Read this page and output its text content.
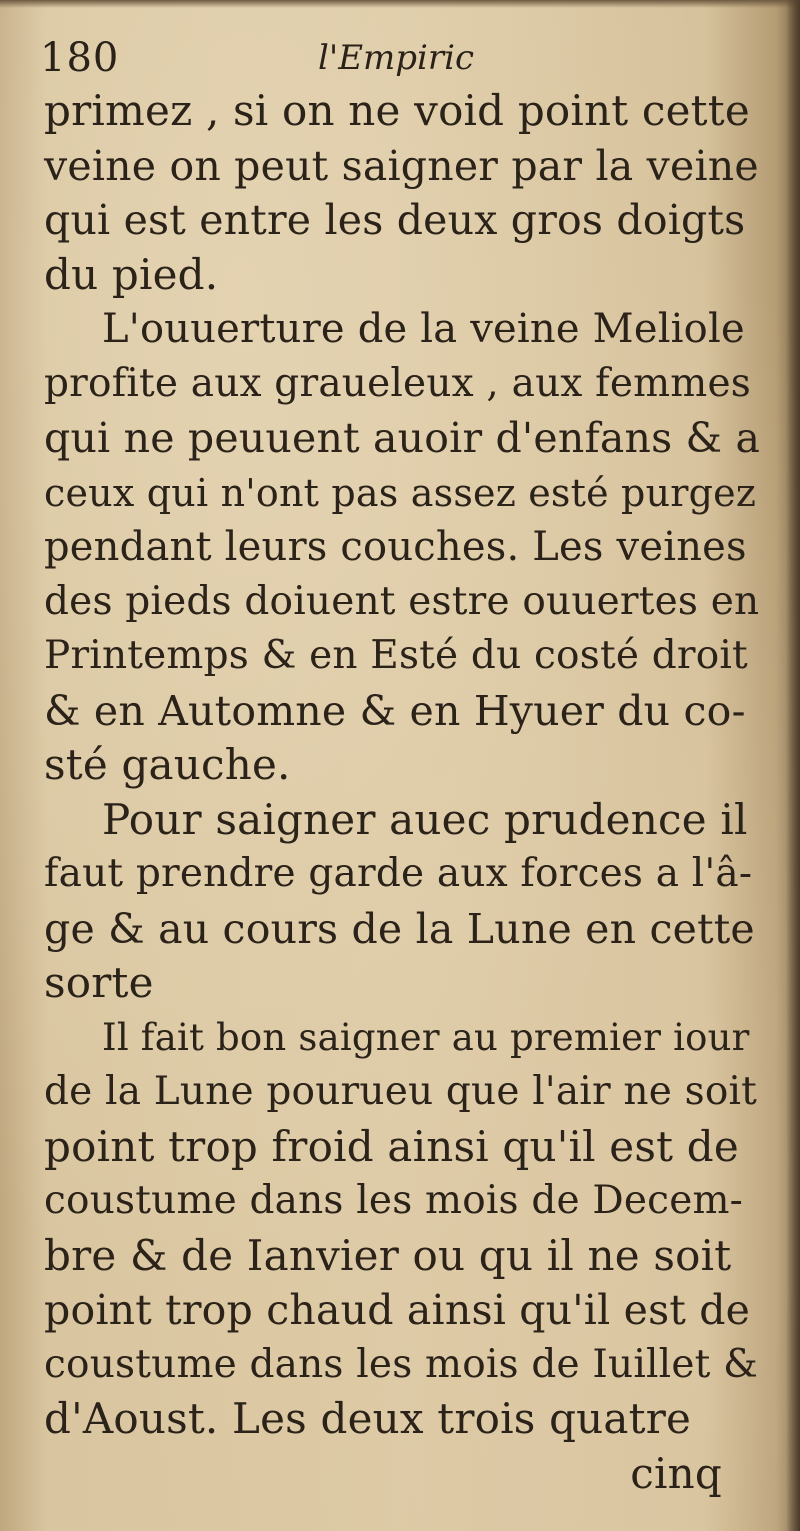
180	l'Empiric
primez , si on ne void point cette
veine on peut saigner par la veine
qui est entre les deux gros doigts
du pied.
L'ouuerture de la veine Meliole
profite aux graueleux , aux femmes
qui ne peuuent auoir d'enfans & a
ceux qui n'ont pas assez esté purgez
pendant leurs couches. Les veines
des pieds doiuent estre ouuertes en
Printemps & en Esté du costé droit
& en Automne & en Hyuer du co-
sté gauche.
Pour saigner auec prudence il
faut prendre garde aux forces a l'â-
ge & au cours de la Lune en cette
sorte
Il fait bon saigner au premier iour
de la Lune pourueu que l'air ne soit
point trop froid ainsi qu'il est de
coustume dans les mois de Decem-
bre & de Ianvier ou qu il ne soit
point trop chaud ainsi qu'il est de
coustume dans les mois de Iuillet &
d'Aoust. Les deux trois quatre
cinq
